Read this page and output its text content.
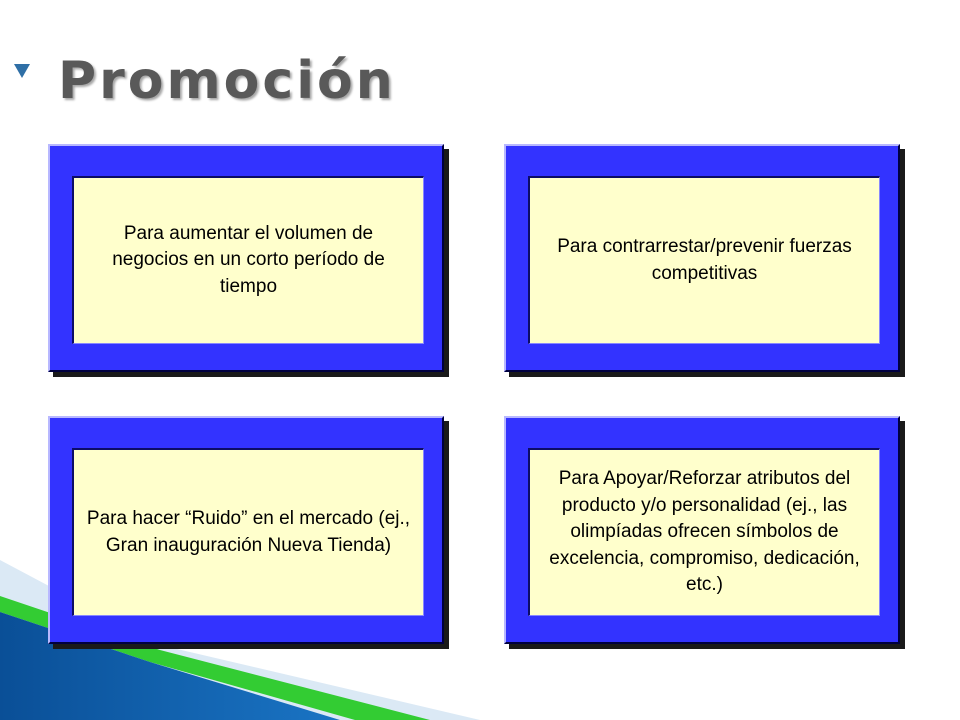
Promoción
Para aumentar el volumen de negocios en un corto período de tiempo
Para contrarrestar/prevenir fuerzas competitivas
Para hacer “Ruido” en el mercado (ej., Gran inauguración Nueva Tienda)
Para Apoyar/Reforzar atributos del producto y/o personalidad (ej., las olimpíadas ofrecen símbolos de excelencia, compromiso, dedicación, etc.)
